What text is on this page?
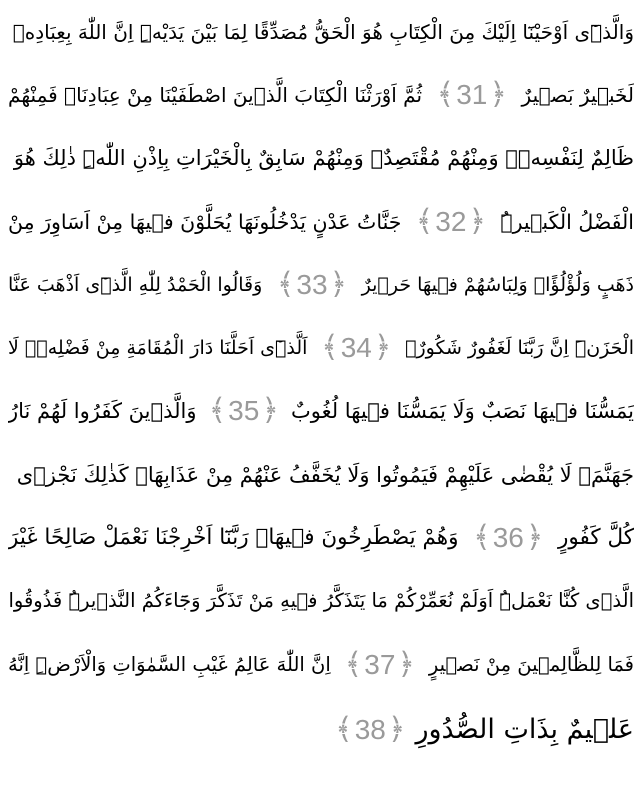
وَالَّذٖٓى اَوْحَيْنَٓا اِلَيْكَ مِنَ الْكِتَابِ هُوَ الْحَقُّ مُصَدِّقًا لِمَا بَيْنَ يَدَيْهِۜ اِنَّ اللّٰهَ بِعِبَادِهٖ
لَخَبٖيرٌ بَصٖيرٌ
﴾ 31 ﴿
ثُمَّ اَوْرَثْنَا الْكِتَابَ الَّذٖينَ اصْطَفَيْنَا مِنْ عِبَادِنَاۚ فَمِنْهُمْ
ظَالِمٌ لِنَفْسِهٖۚ وَمِنْهُمْ مُقْتَصِدٌۚ وَمِنْهُمْ سَابِقٌ بِالْخَيْرَاتِ بِاِذْنِ اللّٰهِۜ ذٰلِكَ هُوَ
الْفَضْلُ الْكَبٖيرُۜ
﴾ 32 ﴿
جَنَّاتُ عَدْنٍ يَدْخُلُونَهَا يُحَلَّوْنَ فٖيهَا مِنْ اَسَاوِرَ مِنْ
ذَهَبٍ وَلُؤْلُؤًاۚ وَلِبَاسُهُمْ فٖيهَا حَرٖيرٌ
﴾ 33 ﴿
وَقَالُوا الْحَمْدُ لِلّٰهِ الَّذٖٓى اَذْهَبَ عَنَّا
الْحَزَنَۜ اِنَّ رَبَّنَا لَغَفُورٌ شَكُورٌۙ
﴾ 34 ﴿
اَلَّذٖٓى اَحَلَّنَا دَارَ الْمُقَامَةِ مِنْ فَضْلِهٖۚ لَا
يَمَسُّنَا فٖيهَا نَصَبٌ وَلَا يَمَسُّنَا فٖيهَا لُغُوبٌ
﴾ 35 ﴿
وَالَّذٖينَ كَفَرُوا لَهُمْ نَارُ
جَهَنَّمَۚ لَا يُقْضٰى عَلَيْهِمْ فَيَمُوتُوا وَلَا يُخَفَّفُ عَنْهُمْ مِنْ عَذَابِهَاۜ كَذٰلِكَ نَجْزٖى
كُلَّ كَفُورٍ
﴾ 36 ﴿
وَهُمْ يَصْطَرِخُونَ فٖيهَاۚ رَبَّنَٓا اَخْرِجْنَا نَعْمَلْ صَالِحًا غَيْرَ
الَّذٖى كُنَّا نَعْمَلُۜ اَوَلَمْ نُعَمِّرْكُمْ مَا يَتَذَكَّرُ فٖيهِ مَنْ تَذَكَّرَ وَجَٓاءَكُمُ النَّذٖيرُۜ فَذُوقُوا
فَمَا لِلظَّالِمٖينَ مِنْ نَصٖيرٍ
﴾ 37 ﴿
اِنَّ اللّٰهَ عَالِمُ غَيْبِ السَّمٰوَاتِ وَالْاَرْضِۜ اِنَّهُ
عَلٖيمٌ بِذَاتِ الصُّدُورِ
﴾ 38 ﴿
